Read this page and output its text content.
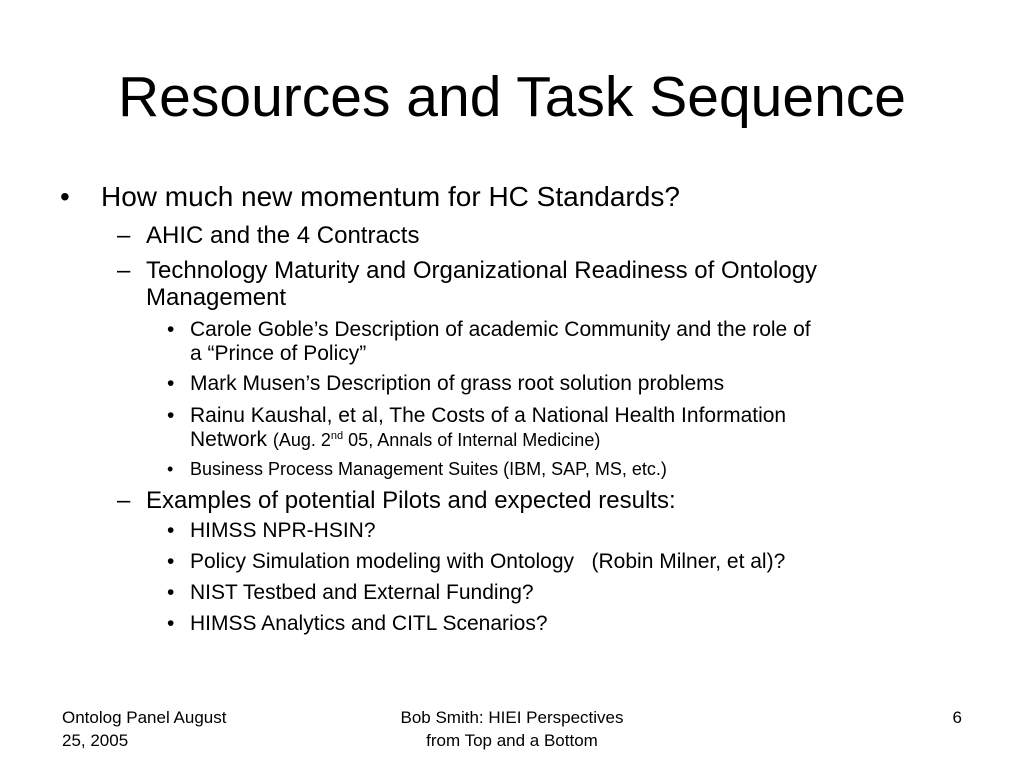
Resources and Task Sequence
• How much new momentum for HC Standards?
– AHIC and the 4 Contracts
– Technology Maturity and Organizational Readiness of Ontology
Management
• Carole Goble’s Description of academic Community and the role of
a “Prince of Policy”
• Mark Musen’s Description of grass root solution problems
• Rainu Kaushal, et al, The Costs of a National Health Information
Network (Aug. 2nd 05, Annals of Internal Medicine)
• Business Process Management Suites (IBM, SAP, MS, etc.)
– Examples of potential Pilots and expected results:
• HIMSS NPR-HSIN?
• Policy Simulation modeling with Ontology   (Robin Milner, et al)?
• NIST Testbed and External Funding?
• HIMSS Analytics and CITL Scenarios?
Ontolog Panel August
25, 2005
Bob Smith: HIEI Perspectives
from Top and a Bottom
6
